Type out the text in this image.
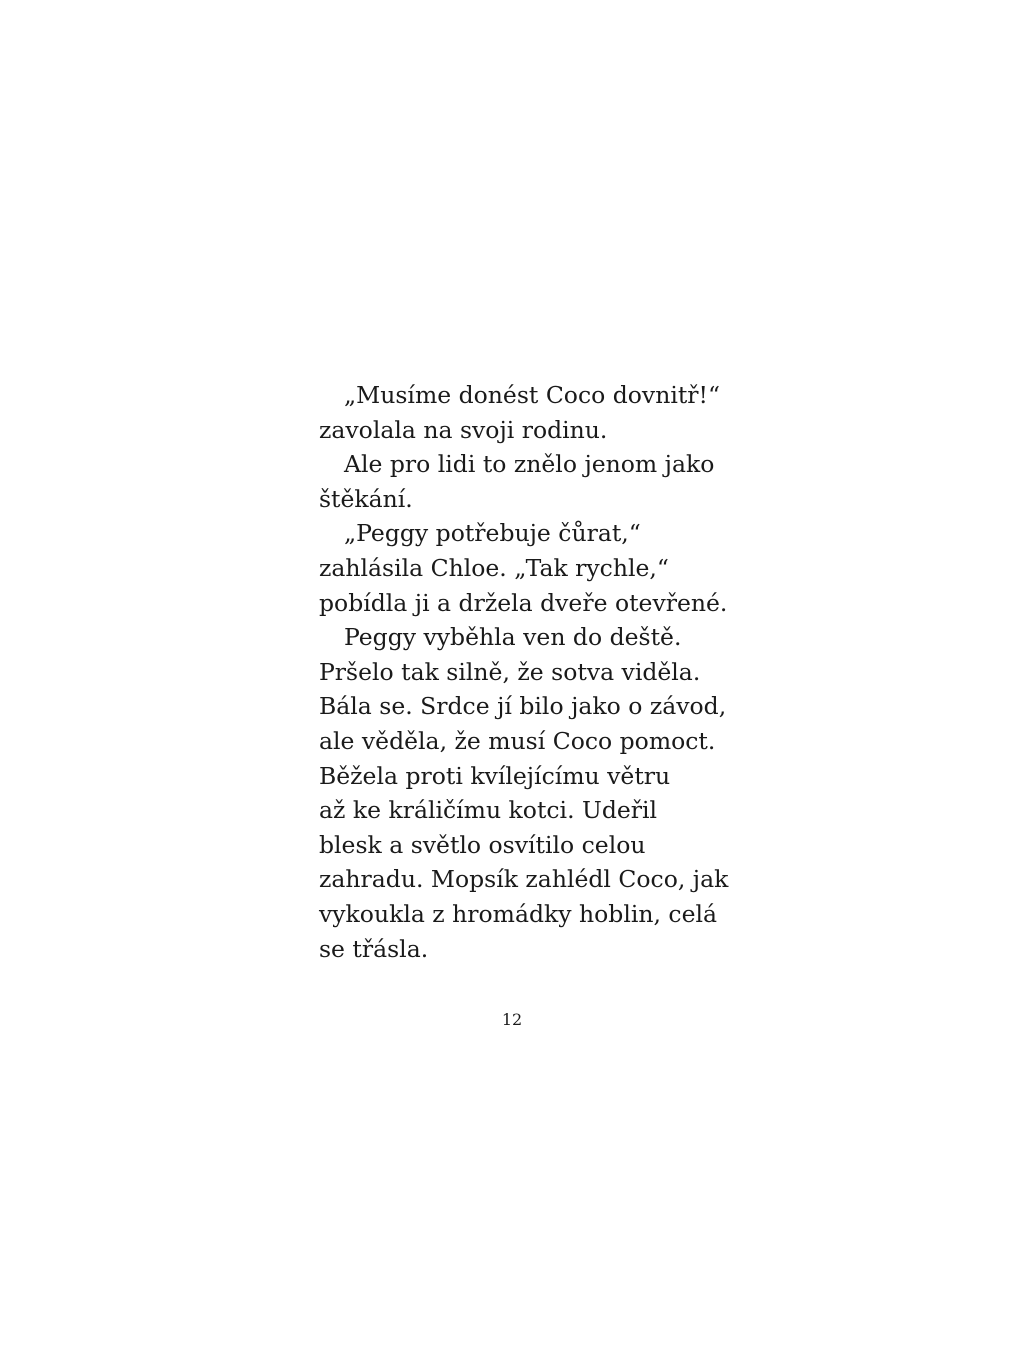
„Musíme donést Coco dovnitř!“
zavolala na svoji rodinu.
Ale pro lidi to znělo jenom jako
štěkání.
„Peggy potřebuje čůrat,“
zahlásila Chloe. „Tak rychle,“
pobídla ji a držela dveře otevřené.
Peggy vyběhla ven do deště.
Pršelo tak silně, že sotva viděla.
Bála se. Srdce jí bilo jako o závod,
ale věděla, že musí Coco pomoct.
Běžela proti kvílejícímu větru
až ke králičímu kotci. Udeřil
blesk a světlo osvítilo celou
zahradu. Mopsík zahlédl Coco, jak
vykoukla z hromádky hoblin, celá
se třásla.
12
